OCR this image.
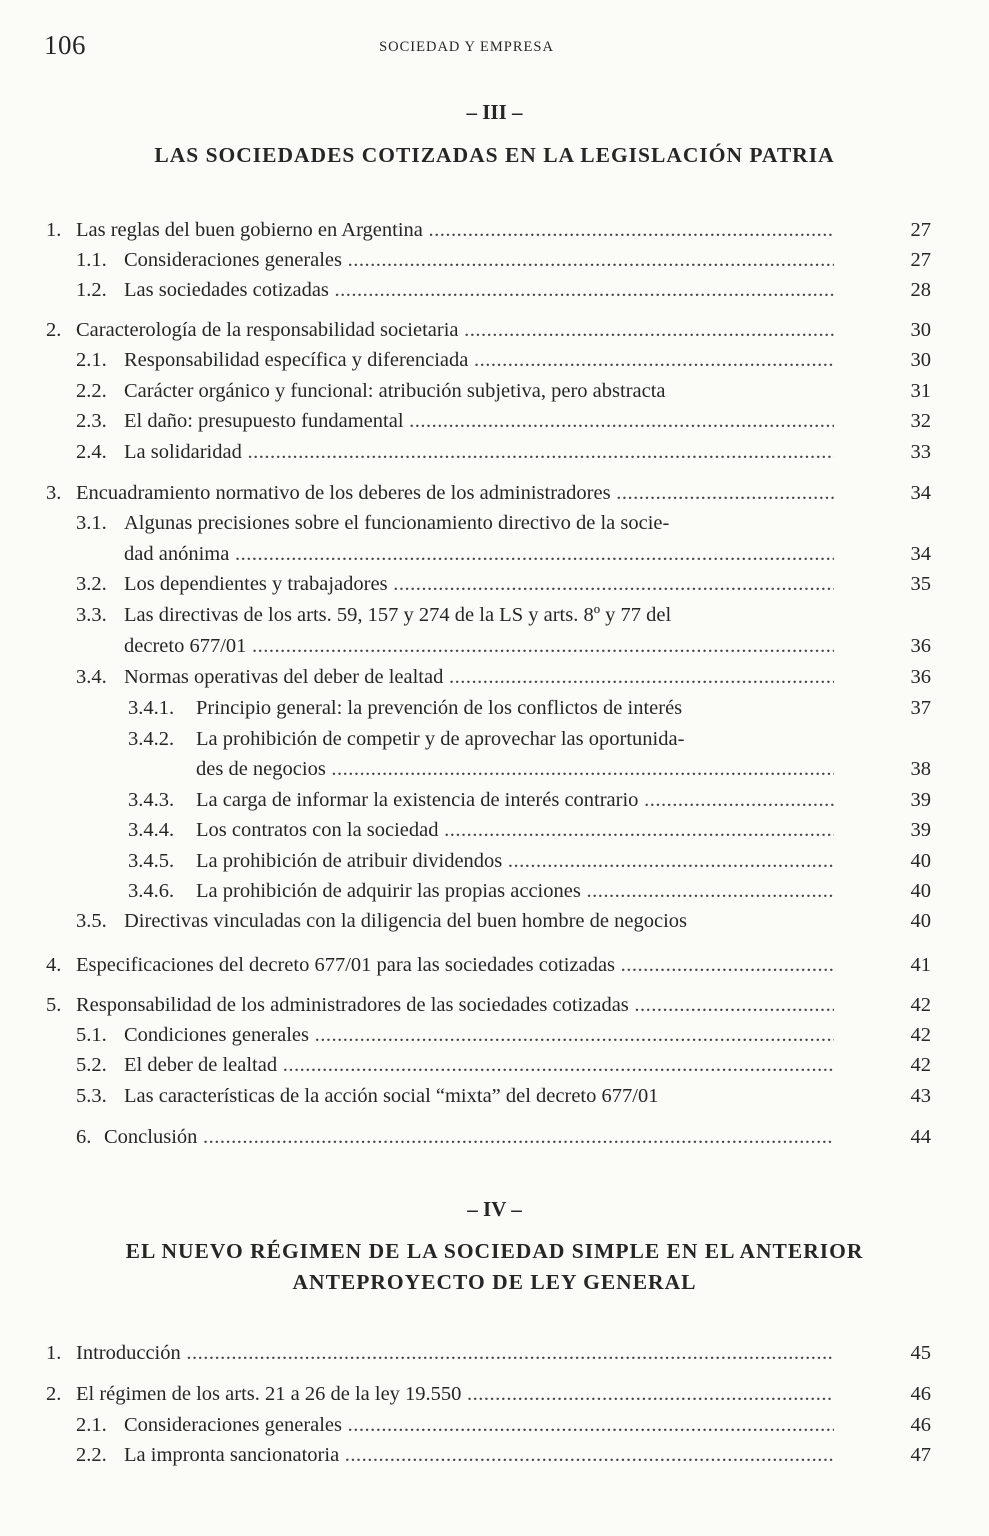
106	SOCIEDAD Y EMPRESA
– III –
LAS SOCIEDADES COTIZADAS EN LA LEGISLACIÓN PATRIA
1. Las reglas del buen gobierno en Argentina .....	27
1.1. Consideraciones generales .....	27
1.2. Las sociedades cotizadas .....	28
2. Caracterología de la responsabilidad societaria .....	30
2.1. Responsabilidad específica y diferenciada .....	30
2.2. Carácter orgánico y funcional: atribución subjetiva, pero abstracta	31
2.3. El daño: presupuesto fundamental .....	32
2.4. La solidaridad .....	33
3. Encuadramiento normativo de los deberes de los administradores .....	34
3.1. Algunas precisiones sobre el funcionamiento directivo de la socie-
dad anónima .....	34
3.2. Los dependientes y trabajadores .....	35
3.3. Las directivas de los arts. 59, 157 y 274 de la LS y arts. 8º y 77 del
decreto 677/01 .....	36
3.4. Normas operativas del deber de lealtad .....	36
3.4.1. Principio general: la prevención de los conflictos de interés	37
3.4.2. La prohibición de competir y de aprovechar las oportunida-
des de negocios .....	38
3.4.3. La carga de informar la existencia de interés contrario .....	39
3.4.4. Los contratos con la sociedad .....	39
3.4.5. La prohibición de atribuir dividendos .....	40
3.4.6. La prohibición de adquirir las propias acciones .....	40
3.5. Directivas vinculadas con la diligencia del buen hombre de negocios	40
4. Especificaciones del decreto 677/01 para las sociedades cotizadas .....	41
5. Responsabilidad de los administradores de las sociedades cotizadas .....	42
5.1. Condiciones generales .....	42
5.2. El deber de lealtad .....	42
5.3. Las características de la acción social “mixta” del decreto 677/01	43
6. Conclusión .....	44
– IV –
EL NUEVO RÉGIMEN DE LA SOCIEDAD SIMPLE EN EL ANTERIOR
ANTEPROYECTO DE LEY GENERAL
1. Introducción .....	45
2. El régimen de los arts. 21 a 26 de la ley 19.550 .....	46
2.1. Consideraciones generales .....	46
2.2. La impronta sancionatoria .....	47
